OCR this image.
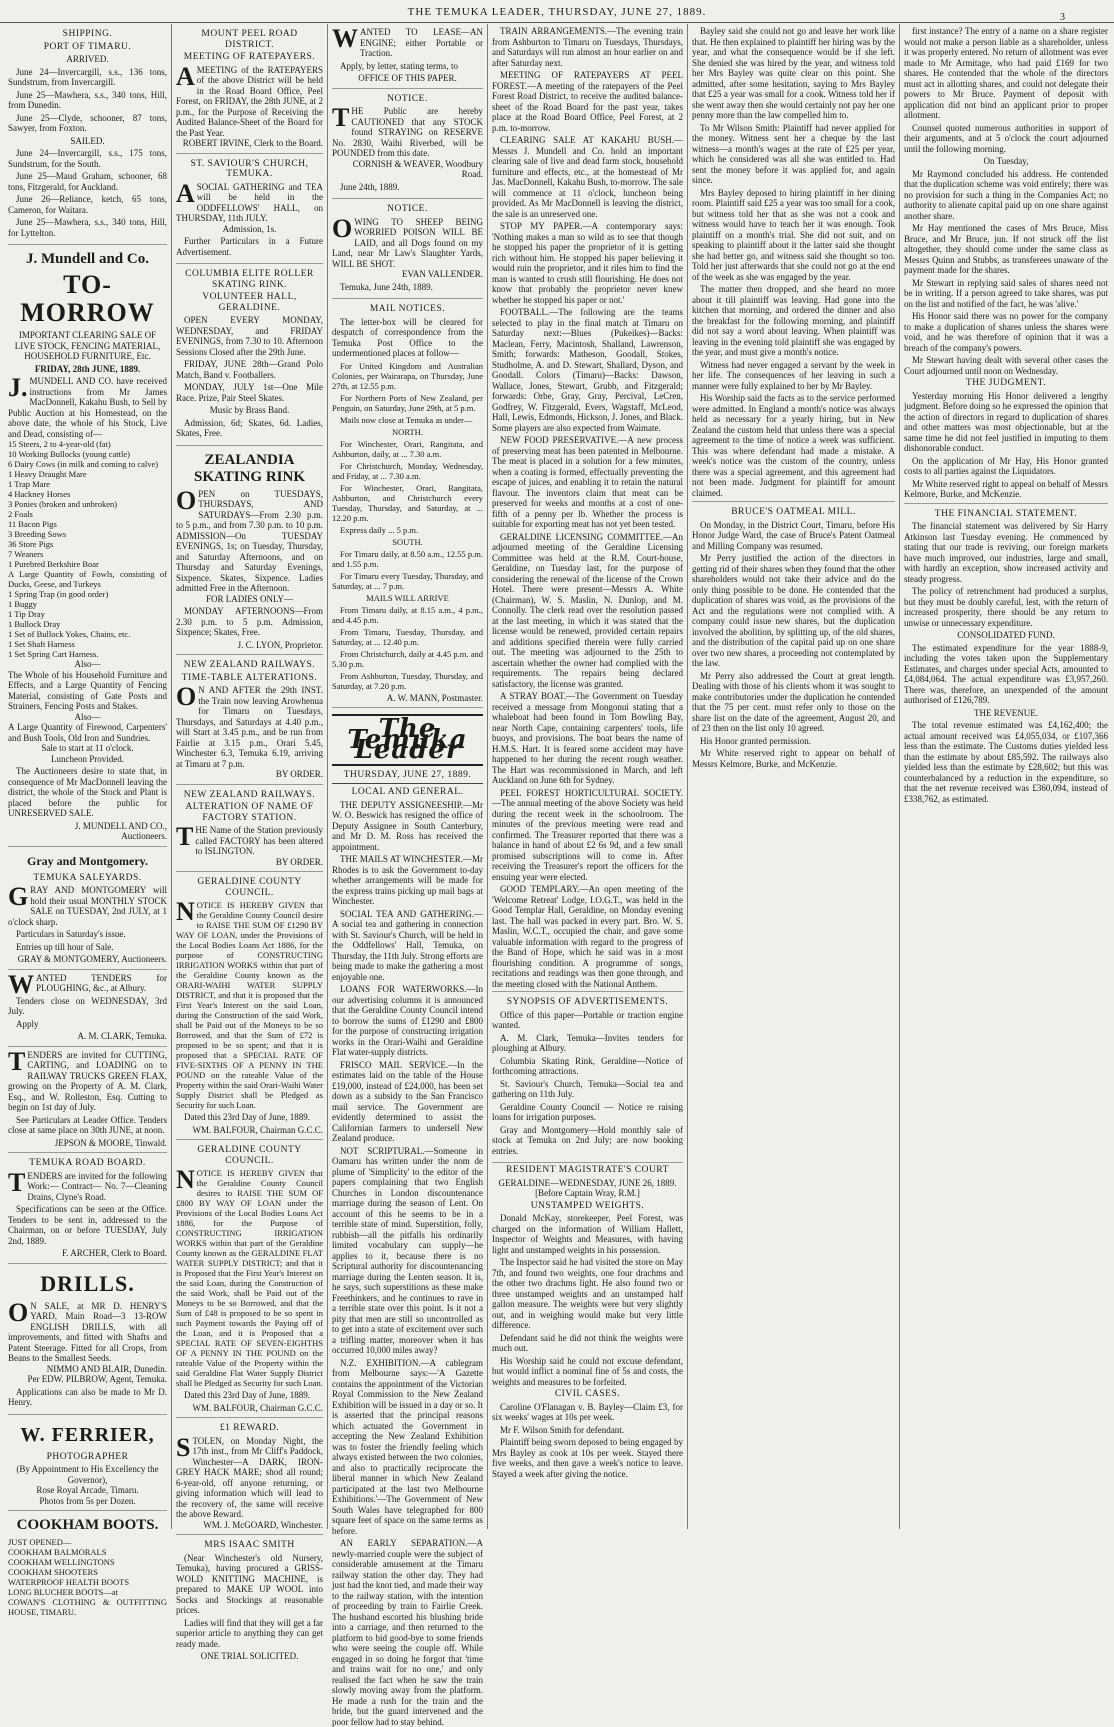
THE TEMUKA LEADER, THURSDAY, JUNE 27, 1889.	3
SHIPPING.
PORT OF TIMARU.
ARRIVED.
June 24—Invercargill, s.s., 136 tons, Sundstrum, from Invercargill.
June 25—Mawhera, s.s., 340 tons, Hill, from Dunedin.
June 25—Clyde, schooner, 87 tons, Sawyer, from Foxton.
SAILED.
June 24—Invercargill, s.s., 175 tons, Sundstrum, for the South.
June 25—Maud Graham, schooner, 68 tons, Fitzgerald, for Auckland.
June 26—Reliance, ketch, 65 tons, Cameron, for Waitara.
June 25—Mawhera, s.s., 340 tons, Hill, for Lyttelton.
J. Mundell and Co.
TO-MORROW
IMPORTANT CLEARING SALE OF LIVE STOCK, FENCING MATERIAL, HOUSEHOLD FURNITURE, Etc.
FRIDAY, 28th JUNE, 1889.
J.MUNDELL AND CO. have received instructions from Mr James MacDonnell, Kakahu Bush, to Sell by Public Auction at his Homestead, on the above date, the whole of his Stock, Live and Dead, consisting of—
15 Steers, 2 to 4-year-old (fat)
10 Working Bullocks (young cattle)
6 Dairy Cows (in milk and coming to calve)
1 Heavy Draught Mare
1 Trap Mare
4 Hackney Horses
3 Ponies (broken and unbroken)
2 Foals
11 Bacon Pigs
3 Breeding Sows
36 Store Pigs
7 Weaners
1 Purebred Berkshire Boar
A Large Quantity of Fowls, consisting of Ducks, Geese, and Turkeys
1 Spring Trap (in good order)
1 Buggy
1 Tip Dray
1 Bullock Dray
1 Set of Bullock Yokes, Chains, etc.
1 Set Shaft Harness
1 Set Spring Cart Harness.
Also—
The Whole of his Household Furniture and Effects, and a Large Quantity of Fencing Material, consisting of Gate Posts and Strainers, Fencing Posts and Stakes.
Also—
A Large Quantity of Firewood, Carpenters' and Bush Tools, Old Iron and Sundries.
Sale to start at 11 o'clock.
Luncheon Provided.
The Auctioneers desire to state that, in consequence of Mr MacDonnell leaving the district, the whole of the Stock and Plant is placed before the public for UNRESERVED SALE.
J. MUNDELL AND CO.,
Auctioneers.
Gray and Montgomery.
TEMUKA SALEYARDS.
GRAY AND MONTGOMERY will hold their usual MONTHLY STOCK SALE on TUESDAY, 2nd JULY, at 1 o'clock sharp.
Particulars in Saturday's issue.
Entries up till hour of Sale.
GRAY & MONTGOMERY, Auctioneers.
WANTED TENDERS for PLOUGHING, &c., at Albury.
Tenders close on WEDNESDAY, 3rd July.
Apply
A. M. CLARK, Temuka.
TENDERS are invited for CUTTING, CARTING, and LOADING on to RAILWAY TRUCKS GREEN FLAX, growing on the Property of A. M. Clark, Esq., and W. Rolleston, Esq. Cutting to begin on 1st day of July.
See Particulars at Leader Office. Tenders close at same place on 30th JUNE, at noon.
JEPSON & MOORE, Tinwald.
TEMUKA ROAD BOARD.
TENDERS are invited for the following Work:— Contract— No. 7—Cleaning Drains, Clyne's Road.
Specifications can be seen at the Office. Tenders to be sent in, addressed to the Chairman, on or before TUESDAY, July 2nd, 1889.
F. ARCHER, Clerk to Board.
DRILLS.
ON SALE, at MR D. HENRY'S YARD, Main Road—3 13-ROW ENGLISH DRILLS, with all improvements, and fitted with Shafts and Patent Steerage. Fitted for all Crops, from Beans to the Smallest Seeds.
NIMMO AND BLAIR, Dunedin.
Per EDW. PILBROW, Agent, Temuka.
Applications can also be made to Mr D. Henry.
W. FERRIER,
PHOTOGRAPHER
(By Appointment to His Excellency the Governor),
Rose Royal Arcade, Timaru.
Photos from 5s per Dozen.
COOKHAM BOOTS.
JUST OPENED—
COOKHAM BALMORALS
COOKHAM WELLINGTONS
COOKHAM SHOOTERS
WATERPROOF HEALTH BOOTS
LONG BLUCHER BOOTS—at
COWAN'S CLOTHING & OUTFITTING HOUSE, TIMARU.
MOUNT PEEL ROAD DISTRICT.
MEETING OF RATEPAYERS.
AMEETING of the RATEPAYERS of the above District will be held in the Road Board Office, Peel Forest, on FRIDAY, the 28th JUNE, at 2 p.m., for the Purpose of Receiving the Audited Balance-Sheet of the Board for the Past Year.
ROBERT IRVINE, Clerk to the Board.
ST. SAVIOUR'S CHURCH, TEMUKA.
ASOCIAL GATHERING and TEA will be held in the ODDFELLOWS' HALL, on THURSDAY, 11th JULY.
Admission, 1s.
Further Particulars in a Future Advertisement.
COLUMBIA ELITE ROLLER SKATING RINK.
VOLUNTEER HALL, GERALDINE.
OPEN EVERY MONDAY, WEDNESDAY, and FRIDAY EVENINGS, from 7.30 to 10. Afternoon Sessions Closed after the 29th June.
FRIDAY, JUNE 28th—Grand Polo Match, Band v. Footballers.
MONDAY, JULY 1st—One Mile Race. Prize, Pair Steel Skates.
Music by Brass Band.
Admission, 6d; Skates, 6d. Ladies, Skates, Free.
ZEALANDIA SKATING RINK
OPEN on TUESDAYS, THURSDAYS, AND SATURDAYS—From 2.30 p.m. to 5 p.m., and from 7.30 p.m. to 10 p.m. ADMISSION—On TUESDAY EVENINGS, 1s; on Tuesday, Thursday, and Saturday Afternoons, and on Thursday and Saturday Evenings, Sixpence. Skates, Sixpence. Ladies admitted Free in the Afternoon.
FOR LADIES ONLY—
MONDAY AFTERNOONS—From 2.30 p.m. to 5 p.m. Admission, Sixpence; Skates, Free.
J. C. LYON, Proprietor.
NEW ZEALAND RAILWAYS.
TIME-TABLE ALTERATIONS.
ON AND AFTER the 29th INST. the Train now leaving Arowhenua for Timaru on Tuesdays, Thursdays, and Saturdays at 4.40 p.m., will Start at 3.45 p.m., and be run from Fairlie at 3.15 p.m., Orari 5.45, Winchester 6.3, Temuka 6.19, arriving at Timaru at 7 p.m.
BY ORDER.
NEW ZEALAND RAILWAYS.
ALTERATION OF NAME OF FACTORY STATION.
THE Name of the Station previously called FACTORY has been altered to ISLINGTON.
BY ORDER.
GERALDINE COUNTY COUNCIL.
NOTICE IS HEREBY GIVEN that the Geraldine County Council desire to RAISE THE SUM OF £1290 BY WAY OF LOAN, under the Provisions of the Local Bodies Loans Act 1886, for the purpose of CONSTRUCTING IRRIGATION WORKS within that part of the Geraldine County known as the ORARI-WAIHI WATER SUPPLY DISTRICT, and that it is proposed that the First Year's Interest on the said Loan, during the Construction of the said Work, shall be Paid out of the Moneys to be so Borrowed, and that the Sum of £72 is proposed to be so spent; and that it is proposed that a SPECIAL RATE OF FIVE-SIXTHS OF A PENNY IN THE POUND on the rateable Value of the Property within the said Orari-Waihi Water Supply District shall be Pledged as Security for such Loan.
Dated this 23rd Day of June, 1889.
WM. BALFOUR, Chairman G.C.C.
GERALDINE COUNTY COUNCIL.
NOTICE IS HEREBY GIVEN that the Geraldine County Council desires to RAISE THE SUM OF £800 BY WAY OF LOAN under the Provisions of the Local Bodies Loans Act 1886, for the Purpose of CONSTRUCTING IRRIGATION WORKS within that part of the Geraldine County known as the GERALDINE FLAT WATER SUPPLY DISTRICT; and that it is Proposed that the First Year's Interest on the said Loan, during the Construction of the said Work, shall be Paid out of the Moneys to be so Borrowed, and that the Sum of £48 is proposed to be so spent in such Payment towards the Paying off of the Loan, and it is Proposed that a SPECIAL RATE OF SEVEN-EIGHTHS OF A PENNY IN THE POUND on the rateable Value of the Property within the said Geraldine Flat Water Supply District shall be Pledged as Security for such Loan.
Dated this 23rd Day of June, 1889.
WM. BALFOUR, Chairman G.C.C.
£1 REWARD.
STOLEN, on Monday Night, the 17th inst., from Mr Cliff's Paddock, Winchester—A DARK, IRON-GREY HACK MARE; shod all round; 6-year-old, off anyone returning, or giving information which will lead to the recovery of, the same will receive the above Reward.
WM. J. McGOARD, Winchester.
MRS ISAAC SMITH
(Near Winchester's old Nursery, Temuka), having procured a GRISS-WOLD KNITTING MACHINE, is prepared to MAKE UP WOOL into Socks and Stockings at reasonable prices.
Ladies will find that they will get a far superior article to anything they can get ready made.
ONE TRIAL SOLICITED.
WANTED TO LEASE—AN ENGINE; either Portable or Traction.
Apply, by letter, stating terms, to
OFFICE OF THIS PAPER.
NOTICE.
THE Public are hereby CAUTIONED that any STOCK found STRAYING on RESERVE No. 2830, Waihi Riverbed, will be POUNDED from this date.
CORNISH & WEAVER, Woodbury Road.
June 24th, 1889.
NOTICE.
OWING TO SHEEP BEING WORRIED POISON WILL BE LAID, and all Dogs found on my Land, near Mr Law's Slaughter Yards, WILL BE SHOT.
EVAN VALLENDER.
Temuka, June 24th, 1889.
MAIL NOTICES.
The letter-box will be cleared for despatch of correspondence from the Temuka Post Office to the undermentioned places at follow—
For United Kingdom and Australian Colonies, per Wairarapa, on Thursday, June 27th, at 12.55 p.m.
For Northern Ports of New Zealand, per Penguin, on Saturday, June 29th, at 5 p.m.
Mails now close at Temuka as under—
NORTH.
For Winchester, Orari, Rangitata, and Ashburton, daily, at ... 7.30 a.m.
For Christchurch, Monday, Wednesday, and Friday, at ... 7.30 a.m.
For Winchester, Orari, Rangitata, Ashburton, and Christchurch every Tuesday, Thursday, and Saturday, at ... 12.20 p.m.
Express daily ... 5 p.m.
SOUTH.
For Timaru daily, at 8.50 a.m., 12.55 p.m. and 1.55 p.m.
For Timaru every Tuesday, Thursday, and Saturday, at ... 7 p.m.
MAILS WILL ARRIVE
From Timaru daily, at 8.15 a.m., 4 p.m., and 4.45 p.m.
From Timaru, Tuesday, Thursday, and Saturday, at ... 12.40 p.m.
From Christchurch, daily at 4.45 p.m. and 5.30 p.m.
From Ashburton, Tuesday, Thursday, and Saturday, at 7.20 p.m.
A. W. MANN, Postmaster.
The Temuka Leader
THURSDAY, JUNE 27, 1889.
LOCAL AND GENERAL.
THE DEPUTY ASSIGNEESHIP.—Mr W. O. Beswick has resigned the office of Deputy Assignee in South Canterbury, and Mr D. M. Ross has received the appointment.
THE MAILS AT WINCHESTER.—Mr Rhodes is to ask the Government to-day whether arrangements will be made for the express trains picking up mail bags at Winchester.
SOCIAL TEA AND GATHERING.—A social tea and gathering in connection with St. Saviour's Church, will be held in the Oddfellows' Hall, Temuka, on Thursday, the 11th July. Strong efforts are being made to make the gathering a most enjoyable one.
LOANS FOR WATERWORKS.—In our advertising columns it is announced that the Geraldine County Council intend to borrow the sums of £1290 and £800 for the purpose of constructing irrigation works in the Orari-Waihi and Geraldine Flat water-supply districts.
FRISCO MAIL SERVICE.—In the estimates laid on the table of the House £19,000, instead of £24,000, has been set down as a subsidy to the San Francisco mail service. The Government are evidently determined to assist the Californian farmers to undersell New Zealand produce.
NOT SCRIPTURAL.—Someone in Oamaru has written under the nom de plume of 'Simplicity' to the editor of the papers complaining that two English Churches in London discountenance marriage during the season of Lent. On account of this he seems to be in a terrible state of mind. Superstition, folly, rubbish—all the pitfalls his ordinarily limited vocabulary can supply—he applies to it, because there is no Scriptural authority for discountenancing marriage during the Lenten season. It is, he says, such superstitions as these make Freethinkers, and he continues to rave in a terrible state over this point. Is it not a pity that men are still so uncontrolled as to get into a state of excitement over such a trifling matter, moreover when it has occurred 10,000 miles away?
N.Z. EXHIBITION.—A cablegram from Melbourne says:—'A Gazette contains the appointment of the Victorian Royal Commission to the New Zealand Exhibition will be issued in a day or so. It is asserted that the principal reasons which actuated the Government in accepting the New Zealand Exhibition was to foster the friendly feeling which always existed between the two colonies, and also to practically reciprocate the liberal manner in which New Zealand participated at the last two Melbourne Exhibitions.'—The Government of New South Wales have telegraphed for 800 square feet of space on the same terms as before.
AN EARLY SEPARATION.—A newly-married couple were the subject of considerable amusement at the Timaru railway station the other day. They had just had the knot tied, and made their way to the railway station, with the intention of proceeding by train to Fairlie Creek. The husband escorted his blushing bride into a carriage, and then returned to the platform to bid good-bye to some friends who were seeing the couple off. While engaged in so doing he forgot that 'time and trains wait for no one,' and only realised the fact when he saw the train slowly moving away from the platform. He made a rush for the train and the bride, but the guard intervened and the poor fellow had to stay behind.
TRAIN ARRANGEMENTS.—The evening train from Ashburton to Timaru on Tuesdays, Thursdays, and Saturdays will run almost an hour earlier on and after Saturday next.
MEETING OF RATEPAYERS AT PEEL FOREST.—A meeting of the ratepayers of the Peel Forest Road District, to receive the audited balance-sheet of the Road Board for the past year, takes place at the Road Board Office, Peel Forest, at 2 p.m. to-morrow.
CLEARING SALE AT KAKAHU BUSH.—Messrs J. Mundell and Co. hold an important clearing sale of live and dead farm stock, household furniture and effects, etc., at the homestead of Mr Jas. MacDonnell, Kakahu Bush, to-morrow. The sale will commence at 11 o'clock, luncheon being provided. As Mr MacDonnell is leaving the district, the sale is an unreserved one.
STOP MY PAPER.—A contemporary says: 'Nothing makes a man so wild as to see that though he stopped his paper the proprietor of it is getting rich without him. He stopped his paper believing it would ruin the proprietor, and it riles him to find the man is wanted to crush still flourishing. He does not know that probably the proprietor never knew whether he stopped his paper or not.'
FOOTBALL.—The following are the teams selected to play in the final match at Timaru on Saturday next:—Blues (Pukeikes)—Backs: Maclean, Ferry, Macintosh, Shalland, Lawrenson, Smith; forwards: Matheson, Goodall, Stokes, Studholme, A. and D. Stewart, Shallard, Dyson, and Goodall. Colors (Timaru)—Backs: Dawson, Wallace, Jones, Stewart, Grubb, and Fitzgerald; forwards: Orbe, Gray, Gray, Percival, LeCren, Godfrey, W. Fitzgerald, Evers, Wagstaff, McLeod, Hall, Lewis, Edmonds, Hickson, J. Jones, and Black. Some players are also expected from Waimate.
NEW FOOD PRESERVATIVE.—A new process of preserving meat has been patented in Melbourne. The meat is placed in a solution for a few minutes, when a coating is formed, effectually preventing the escape of juices, and enabling it to retain the natural flavour. The inventors claim that meat can be preserved for weeks and months at a cost of one-fifth of a penny per lb. Whether the process is suitable for exporting meat has not yet been tested.
GERALDINE LICENSING COMMITTEE.—An adjourned meeting of the Geraldine Licensing Committee was held at the R.M. Court-house, Geraldine, on Tuesday last, for the purpose of considering the renewal of the license of the Crown Hotel. There were present—Messrs A. White (Chairman), W. S. Maslin, N. Dunlop, and M. Connolly. The clerk read over the resolution passed at the last meeting, in which it was stated that the license would be renewed, provided certain repairs and additions specified therein were fully carried out. The meeting was adjourned to the 25th to ascertain whether the owner had complied with the requirements. The repairs being declared satisfactory, the license was granted.
A STRAY BOAT.—The Government on Tuesday received a message from Mongonui stating that a whaleboat had been found in Tom Bowling Bay, near North Cape, containing carpenters' tools, life buoys, and provisions. The boat bears the name of H.M.S. Hart. It is feared some accident may have happened to her during the recent rough weather. The Hart was recommissioned in March, and left Auckland on June 6th for Sydney.
PEEL FOREST HORTICULTURAL SOCIETY.—The annual meeting of the above Society was held during the recent week in the schoolroom. The minutes of the previous meeting were read and confirmed. The Treasurer reported that there was a balance in hand of about £2 6s 9d, and a few small promised subscriptions will to come in. After receiving the Treasurer's report the officers for the ensuing year were elected.
GOOD TEMPLARY.—An open meeting of the 'Welcome Retreat' Lodge, I.O.G.T., was held in the Good Templar Hall, Geraldine, on Monday evening last. The hall was packed in every part. Bro. W. S. Maslin, W.C.T., occupied the chair, and gave some valuable information with regard to the progress of the Band of Hope, which he said was in a most flourishing condition. A programme of songs, recitations and readings was then gone through, and the meeting closed with the National Anthem.
SYNOPSIS OF ADVERTISEMENTS.
Office of this paper—Portable or traction engine wanted.
A. M. Clark, Temuka—Invites tenders for ploughing at Albury.
Columbia Skating Rink, Geraldine—Notice of forthcoming attractions.
St. Saviour's Church, Temuka—Social tea and gathering on 11th July.
Geraldine County Council — Notice re raising loans for irrigation purposes.
Gray and Montgomery—Hold monthly sale of stock at Temuka on 2nd July; are now booking entries.
RESIDENT MAGISTRATE'S COURT
GERALDINE—WEDNESDAY, JUNE 26, 1889.
[Before Captain Wray, R.M.]
UNSTAMPED WEIGHTS.
Donald McKay, storekeeper, Peel Forest, was charged on the information of William Hallett, Inspector of Weights and Measures, with having light and unstamped weights in his possession.
The Inspector said he had visited the store on May 7th, and found two weights, one four drachms and the other two drachms light. He also found two or three unstamped weights and an unstamped half gallon measure. The weights were but very slightly out, and in weighing would make but very little difference.
Defendant said he did not think the weights were much out.
His Worship said he could not excuse defendant, but would inflict a nominal fine of 5s and costs, the weights and measures to be forfeited.
CIVIL CASES.
Caroline O'Flanagan v. B. Bayley—Claim £3, for six weeks' wages at 10s per week.
Mr F. Wilson Smith for defendant.
Plaintiff being sworn deposed to being engaged by Mrs Bayley as cook at 10s per week. Stayed there five weeks, and then gave a week's notice to leave. Stayed a week after giving the notice.
Bayley said she could not go and leave her work like that. He then explained to plaintiff her hiring was by the year, and what the consequence would be if she left. She denied she was hired by the year, and witness told her Mrs Bayley was quite clear on this point. She admitted, after some hesitation, saying to Mrs Bayley that £25 a year was small for a cook. Witness told her if she went away then she would certainly not pay her one penny more than the law compelled him to.
To Mr Wilson Smith: Plaintiff had never applied for the money. Witness sent her a cheque by the last witness—a month's wages at the rate of £25 per year, which he considered was all she was entitled to. Had sent the money before it was applied for, and again since.
Mrs Bayley deposed to hiring plaintiff in her dining room. Plaintiff said £25 a year was too small for a cook, but witness told her that as she was not a cook and witness would have to teach her it was enough. Took plaintiff on a month's trial. She did not suit, and on speaking to plaintiff about it the latter said she thought she had better go, and witness said she thought so too. Told her just afterwards that she could not go at the end of the week as she was engaged by the year.
The matter then dropped, and she heard no more about it till plaintiff was leaving. Had gone into the kitchen that morning, and ordered the dinner and also the breakfast for the following morning, and plaintiff did not say a word about leaving. When plaintiff was leaving in the evening told plaintiff she was engaged by the year, and must give a month's notice.
Witness had never engaged a servant by the week in her life. The consequences of her leaving in such a manner were fully explained to her by Mr Bayley.
His Worship said the facts as to the service performed were admitted. In England a month's notice was always held as necessary for a yearly hiring, but in New Zealand the custom held that unless there was a special agreement to the time of notice a week was sufficient. This was where defendant had made a mistake. A week's notice was the custom of the country, unless there was a special agreement, and this agreement had not been made. Judgment for plaintiff for amount claimed.
BRUCE'S OATMEAL MILL.
On Monday, in the District Court, Timaru, before His Honor Judge Ward, the case of Bruce's Patent Oatmeal and Milling Company was resumed.
Mr Perry justified the action of the directors in getting rid of their shares when they found that the other shareholders would not take their advice and do the only thing possible to be done. He contended that the duplication of shares was void, as the provisions of the Act and the regulations were not complied with. A company could issue new shares, but the duplication involved the abolition, by splitting up, of the old shares, and the distribution of the capital paid up on one share over two new shares, a proceeding not contemplated by the law.
Mr Perry also addressed the Court at great length. Dealing with those of his clients whom it was sought to make contributories under the duplication he contended that the 75 per cent. must refer only to those on the share list on the date of the agreement, August 20, and of 23 then on the list only 10 agreed.
His Honor granted permission.
Mr White reserved right to appear on behalf of Messrs Kelmore, Burke, and McKenzie.
first instance? The entry of a name on a share register would not make a person liable as a shareholder, unless it was properly entered. No return of allotment was ever made to Mr Armitage, who had paid £169 for two shares. He contended that the whole of the directors must act in allotting shares, and could not delegate their powers to Mr Bruce. Payment of deposit with application did not bind an applicant prior to proper allotment.
Counsel quoted numerous authorities in support of their arguments, and at 5 o'clock the court adjourned until the following morning.
On Tuesday,
Mr Raymond concluded his address. He contended that the duplication scheme was void entirely; there was no provision for such a thing in the Companies Act; no authority to alienate capital paid up on one share against another share.
Mr Hay mentioned the cases of Mrs Bruce, Miss Bruce, and Mr Bruce, jun. If not struck off the list altogether, they should come under the same class as Messrs Quinn and Stubbs, as transferees unaware of the payment made for the shares.
Mr Stewart in replying said sales of shares need not be in writing. If a person agreed to take shares, was put on the list and notified of the fact, he was 'alive.'
His Honor said there was no power for the company to make a duplication of shares unless the shares were void, and he was therefore of opinion that it was a breach of the company's powers.
Mr Stewart having dealt with several other cases the Court adjourned until noon on Wednesday.
THE JUDGMENT.
Yesterday morning His Honor delivered a lengthy judgment. Before doing so he expressed the opinion that the action of directors in regard to duplication of shares and other matters was most objectionable, but at the same time he did not feel justified in imputing to them dishonorable conduct.
On the application of Mr Hay, His Honor granted costs to all parties against the Liquidators.
Mr White reserved right to appeal on behalf of Messrs Kelmore, Burke, and McKenzie.
THE FINANCIAL STATEMENT.
The financial statement was delivered by Sir Harry Atkinson last Tuesday evening. He commenced by stating that our trade is reviving, our foreign markets have much improved, our industries, large and small, with hardly an exception, show increased activity and steady progress.
The policy of retrenchment had produced a surplus, but they must be doubly careful, lest, with the return of increased prosperity, there should be any return to unwise or unnecessary expenditure.
CONSOLIDATED FUND.
The estimated expenditure for the year 1888-9, including the votes taken upon the Supplementary Estimates, and charges under special Acts, amounted to £4,084,064. The actual expenditure was £3,957,260. There was, therefore, an unexpended of the amount authorised of £126,789.
THE REVENUE.
The total revenue estimated was £4,162,400; the actual amount received was £4,055,034, or £107,366 less than the estimate. The Customs duties yielded less than the estimate by about £85,592. The railways also yielded less than the estimate by £28,602; but this was counterbalanced by a reduction in the expenditure, so that the net revenue received was £360,094, instead of £338,762, as estimated.
